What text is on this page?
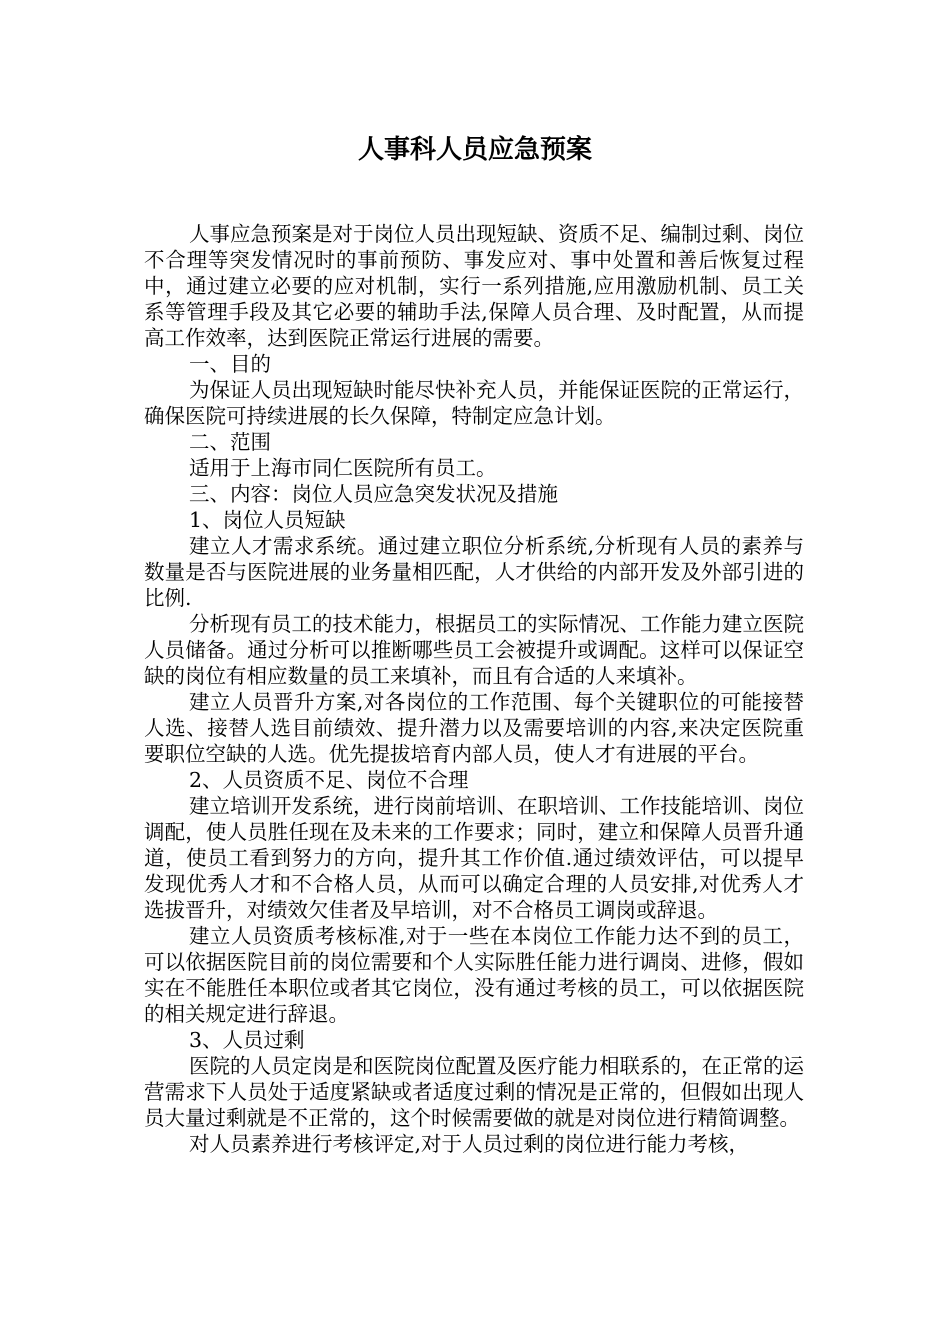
人事科人员应急预案

人事应急预案是对于岗位人员出现短缺、资质不足、编制过剩、岗位不合理等突发情况时的事前预防、事发应对、事中处置和善后恢复过程中，通过建立必要的应对机制，实行一系列措施,应用激励机制、员工关系等管理手段及其它必要的辅助手法,保障人员合理、及时配置，从而提高工作效率，达到医院正常运行进展的需要。

一、目的

为保证人员出现短缺时能尽快补充人员，并能保证医院的正常运行，确保医院可持续进展的长久保障，特制定应急计划。

二、范围

适用于上海市同仁医院所有员工。

三、内容：岗位人员应急突发状况及措施

1、岗位人员短缺

建立人才需求系统。通过建立职位分析系统,分析现有人员的素养与数量是否与医院进展的业务量相匹配，人才供给的内部开发及外部引进的比例.

分析现有员工的技术能力，根据员工的实际情况、工作能力建立医院人员储备。通过分析可以推断哪些员工会被提升或调配。这样可以保证空缺的岗位有相应数量的员工来填补，而且有合适的人来填补。

建立人员晋升方案,对各岗位的工作范围、每个关键职位的可能接替人选、接替人选目前绩效、提升潜力以及需要培训的内容,来决定医院重要职位空缺的人选。优先提拔培育内部人员，使人才有进展的平台。

2、人员资质不足、岗位不合理

建立培训开发系统，进行岗前培训、在职培训、工作技能培训、岗位调配，使人员胜任现在及未来的工作要求；同时，建立和保障人员晋升通道，使员工看到努力的方向，提升其工作价值.通过绩效评估，可以提早发现优秀人才和不合格人员，从而可以确定合理的人员安排,对优秀人才选拔晋升，对绩效欠佳者及早培训，对不合格员工调岗或辞退。

建立人员资质考核标准,对于一些在本岗位工作能力达不到的员工，可以依据医院目前的岗位需要和个人实际胜任能力进行调岗、进修，假如实在不能胜任本职位或者其它岗位，没有通过考核的员工，可以依据医院的相关规定进行辞退。

3、人员过剩

医院的人员定岗是和医院岗位配置及医疗能力相联系的，在正常的运营需求下人员处于适度紧缺或者适度过剩的情况是正常的，但假如出现人员大量过剩就是不正常的，这个时候需要做的就是对岗位进行精简调整。

对人员素养进行考核评定,对于人员过剩的岗位进行能力考核，
